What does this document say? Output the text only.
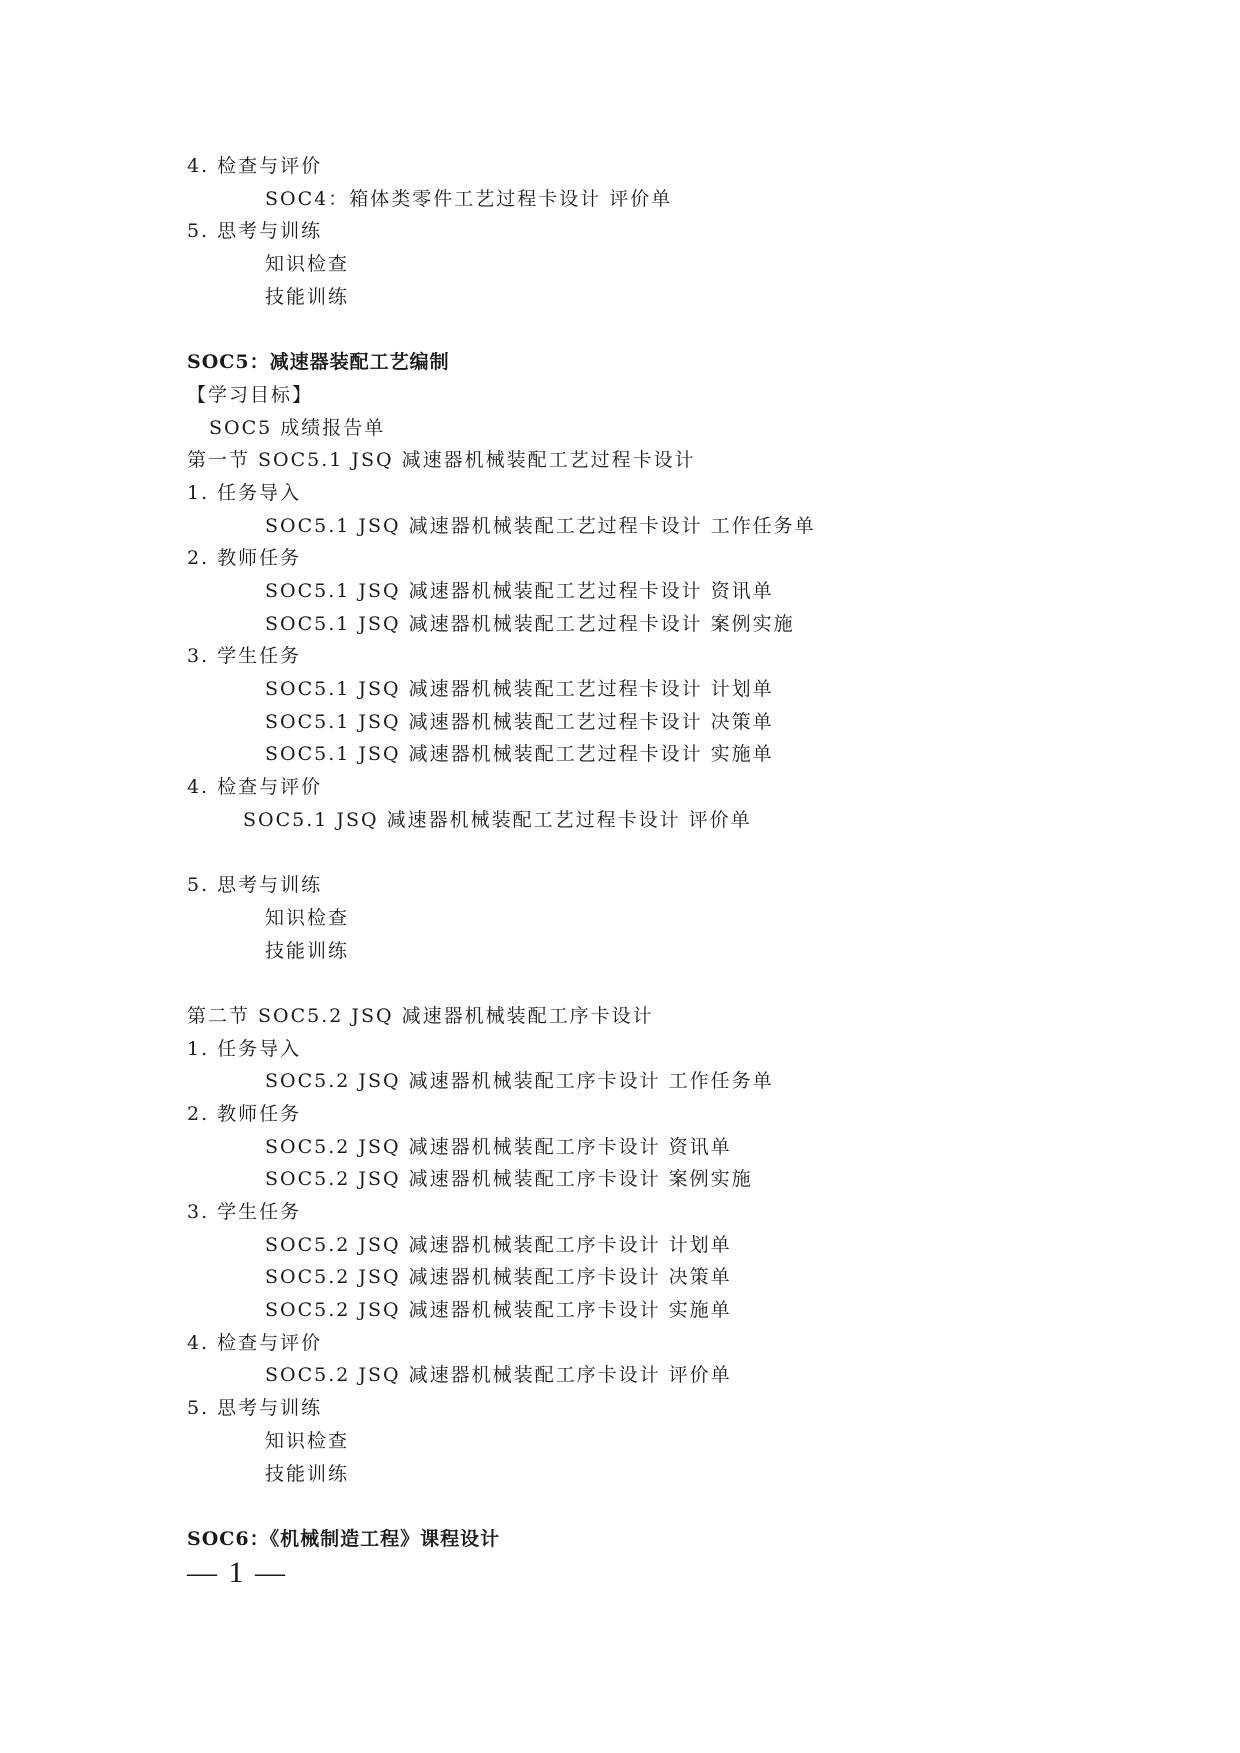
4. 检查与评价
SOC4：箱体类零件工艺过程卡设计 评价单
5. 思考与训练
知识检查
技能训练
SOC5：减速器装配工艺编制
【学习目标】
SOC5 成绩报告单
第一节 SOC5.1 JSQ 减速器机械装配工艺过程卡设计
1. 任务导入
SOC5.1 JSQ 减速器机械装配工艺过程卡设计 工作任务单
2. 教师任务
SOC5.1 JSQ 减速器机械装配工艺过程卡设计 资讯单
SOC5.1 JSQ 减速器机械装配工艺过程卡设计 案例实施
3. 学生任务
SOC5.1 JSQ 减速器机械装配工艺过程卡设计 计划单
SOC5.1 JSQ 减速器机械装配工艺过程卡设计 决策单
SOC5.1 JSQ 减速器机械装配工艺过程卡设计 实施单
4. 检查与评价
SOC5.1 JSQ 减速器机械装配工艺过程卡设计 评价单
5. 思考与训练
知识检查
技能训练
第二节 SOC5.2 JSQ 减速器机械装配工序卡设计
1. 任务导入
SOC5.2 JSQ 减速器机械装配工序卡设计 工作任务单
2. 教师任务
SOC5.2 JSQ 减速器机械装配工序卡设计 资讯单
SOC5.2 JSQ 减速器机械装配工序卡设计 案例实施
3. 学生任务
SOC5.2 JSQ 减速器机械装配工序卡设计 计划单
SOC5.2 JSQ 减速器机械装配工序卡设计 决策单
SOC5.2 JSQ 减速器机械装配工序卡设计 实施单
4. 检查与评价
SOC5.2 JSQ 减速器机械装配工序卡设计 评价单
5. 思考与训练
知识检查
技能训练
SOC6：《机械制造工程》课程设计
— 1 —
